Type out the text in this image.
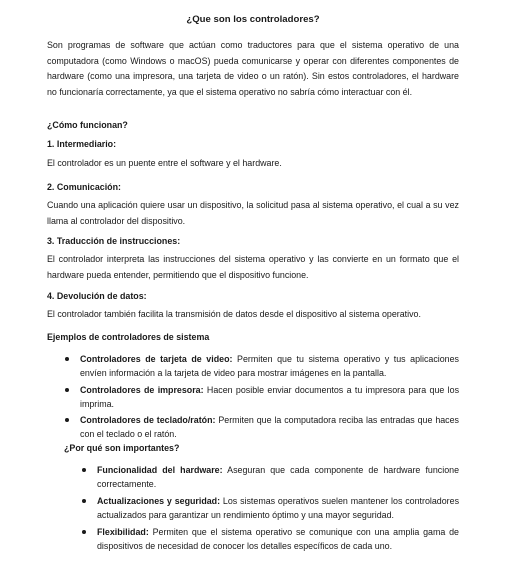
¿Que son los controladores?

Son programas de software que actúan como traductores para que el sistema operativo de una computadora (como Windows o macOS) pueda comunicarse y operar con diferentes componentes de hardware (como una impresora, una tarjeta de video o un ratón). Sin estos controladores, el hardware no funcionaría correctamente, ya que el sistema operativo no sabría cómo interactuar con él.

¿Cómo funcionan?

1. Intermediario:

El controlador es un puente entre el software y el hardware.

2. Comunicación:

Cuando una aplicación quiere usar un dispositivo, la solicitud pasa al sistema operativo, el cual a su vez llama al controlador del dispositivo.

3. Traducción de instrucciones:

El controlador interpreta las instrucciones del sistema operativo y las convierte en un formato que el hardware pueda entender, permitiendo que el dispositivo funcione.

4. Devolución de datos:

El controlador también facilita la transmisión de datos desde el dispositivo al sistema operativo.

Ejemplos de controladores de sistema

Controladores de tarjeta de video: Permiten que tu sistema operativo y tus aplicaciones envíen información a la tarjeta de video para mostrar imágenes en la pantalla.
Controladores de impresora: Hacen posible enviar documentos a tu impresora para que los imprima.
Controladores de teclado/ratón: Permiten que la computadora reciba las entradas que haces con el teclado o el ratón.

¿Por qué son importantes?

Funcionalidad del hardware: Aseguran que cada componente de hardware funcione correctamente.
Actualizaciones y seguridad: Los sistemas operativos suelen mantener los controladores actualizados para garantizar un rendimiento óptimo y una mayor seguridad.
Flexibilidad: Permiten que el sistema operativo se comunique con una amplia gama de dispositivos de necesidad de conocer los detalles específicos de cada uno.
